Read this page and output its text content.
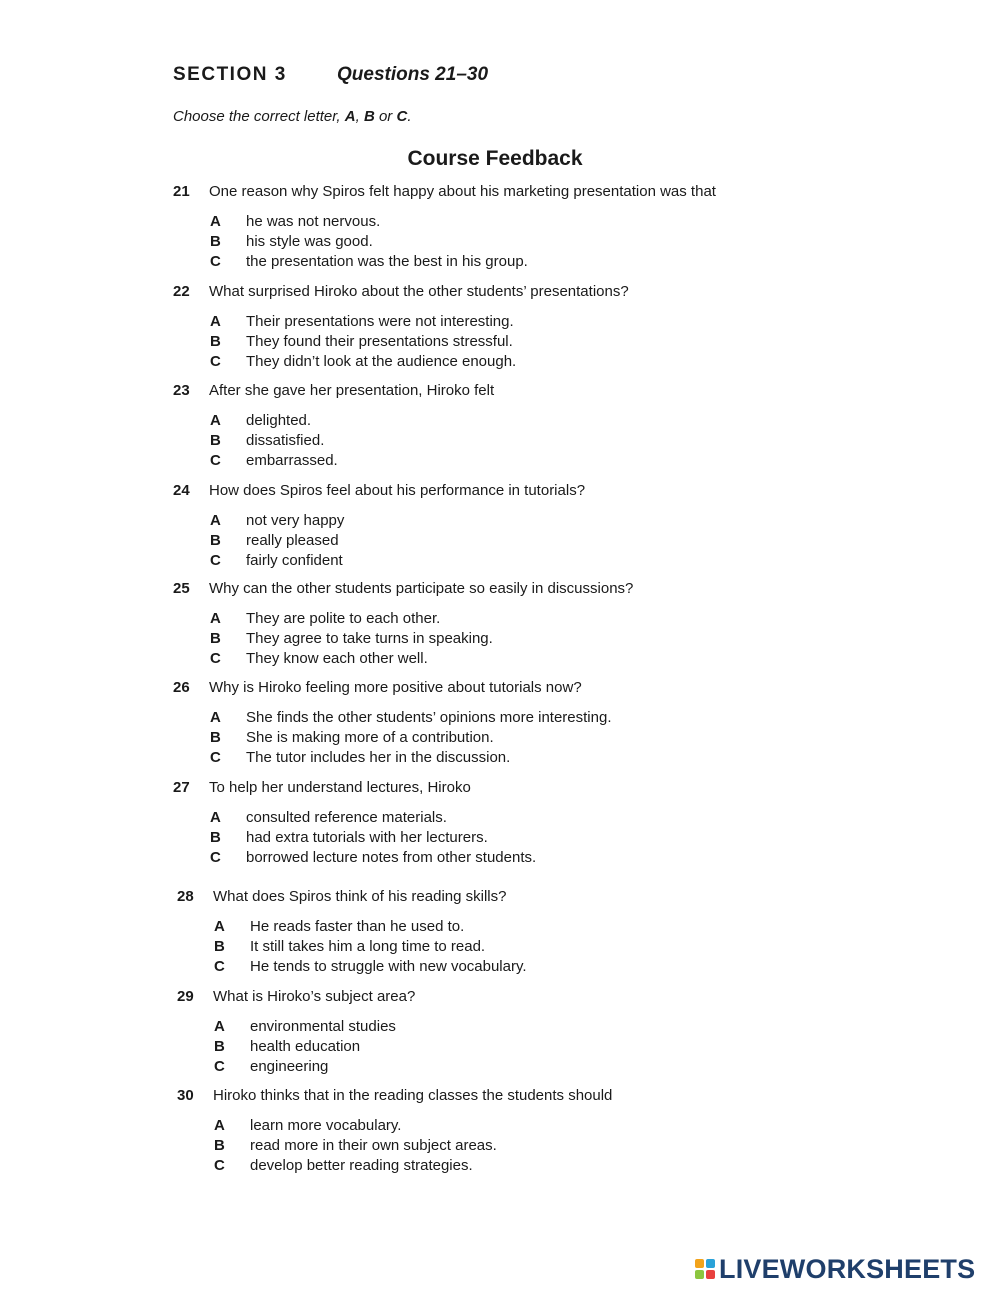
SECTION 3	Questions 21–30
Choose the correct letter, A, B or C.
Course Feedback
21 One reason why Spiros felt happy about his marketing presentation was that
A he was not nervous.
B his style was good.
C the presentation was the best in his group.
22 What surprised Hiroko about the other students’ presentations?
A Their presentations were not interesting.
B They found their presentations stressful.
C They didn’t look at the audience enough.
23 After she gave her presentation, Hiroko felt
A delighted.
B dissatisfied.
C embarrassed.
24 How does Spiros feel about his performance in tutorials?
A not very happy
B really pleased
C fairly confident
25 Why can the other students participate so easily in discussions?
A They are polite to each other.
B They agree to take turns in speaking.
C They know each other well.
26 Why is Hiroko feeling more positive about tutorials now?
A She finds the other students’ opinions more interesting.
B She is making more of a contribution.
C The tutor includes her in the discussion.
27 To help her understand lectures, Hiroko
A consulted reference materials.
B had extra tutorials with her lecturers.
C borrowed lecture notes from other students.
28 What does Spiros think of his reading skills?
A He reads faster than he used to.
B It still takes him a long time to read.
C He tends to struggle with new vocabulary.
29 What is Hiroko’s subject area?
A environmental studies
B health education
C engineering
30 Hiroko thinks that in the reading classes the students should
A learn more vocabulary.
B read more in their own subject areas.
C develop better reading strategies.
LIVEWORKSHEETS
